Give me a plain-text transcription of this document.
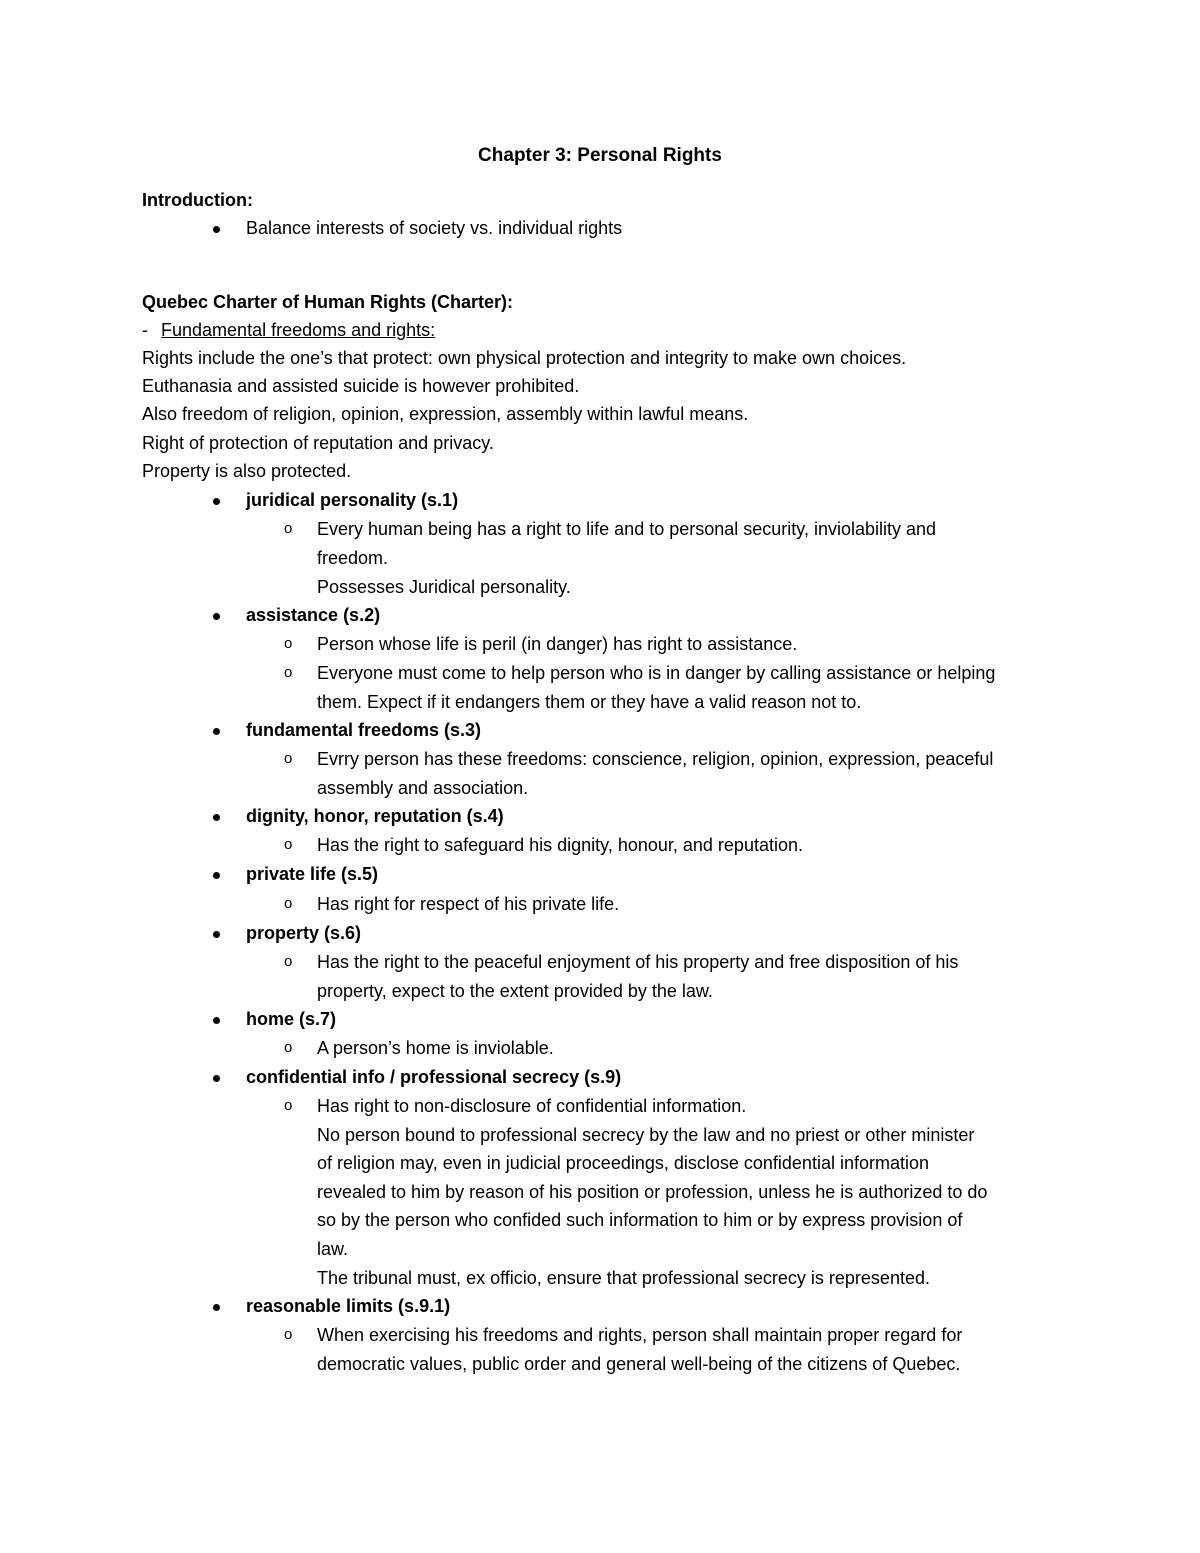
Chapter 3: Personal Rights
Introduction:
Balance interests of society vs. individual rights
Quebec Charter of Human Rights (Charter):
- Fundamental freedoms and rights:
Rights include the one’s that protect: own physical protection and integrity to make own choices.
Euthanasia and assisted suicide is however prohibited.
Also freedom of religion, opinion, expression, assembly within lawful means.
Right of protection of reputation and privacy.
Property is also protected.
juridical personality (s.1)
o Every human being has a right to life and to personal security, inviolability and
freedom.
Possesses Juridical personality.
assistance (s.2)
o Person whose life is peril (in danger) has right to assistance.
o Everyone must come to help person who is in danger by calling assistance or helping
them. Expect if it endangers them or they have a valid reason not to.
fundamental freedoms (s.3)
o Evrry person has these freedoms: conscience, religion, opinion, expression, peaceful
assembly and association.
dignity, honor, reputation (s.4)
o Has the right to safeguard his dignity, honour, and reputation.
private life (s.5)
o Has right for respect of his private life.
property (s.6)
o Has the right to the peaceful enjoyment of his property and free disposition of his
property, expect to the extent provided by the law.
home (s.7)
o A person’s home is inviolable.
confidential info / professional secrecy (s.9)
o Has right to non-disclosure of confidential information.
No person bound to professional secrecy by the law and no priest or other minister
of religion may, even in judicial proceedings, disclose confidential information
revealed to him by reason of his position or profession, unless he is authorized to do
so by the person who confided such information to him or by express provision of
law.
The tribunal must, ex officio, ensure that professional secrecy is represented.
reasonable limits (s.9.1)
o When exercising his freedoms and rights, person shall maintain proper regard for
democratic values, public order and general well-being of the citizens of Quebec.
